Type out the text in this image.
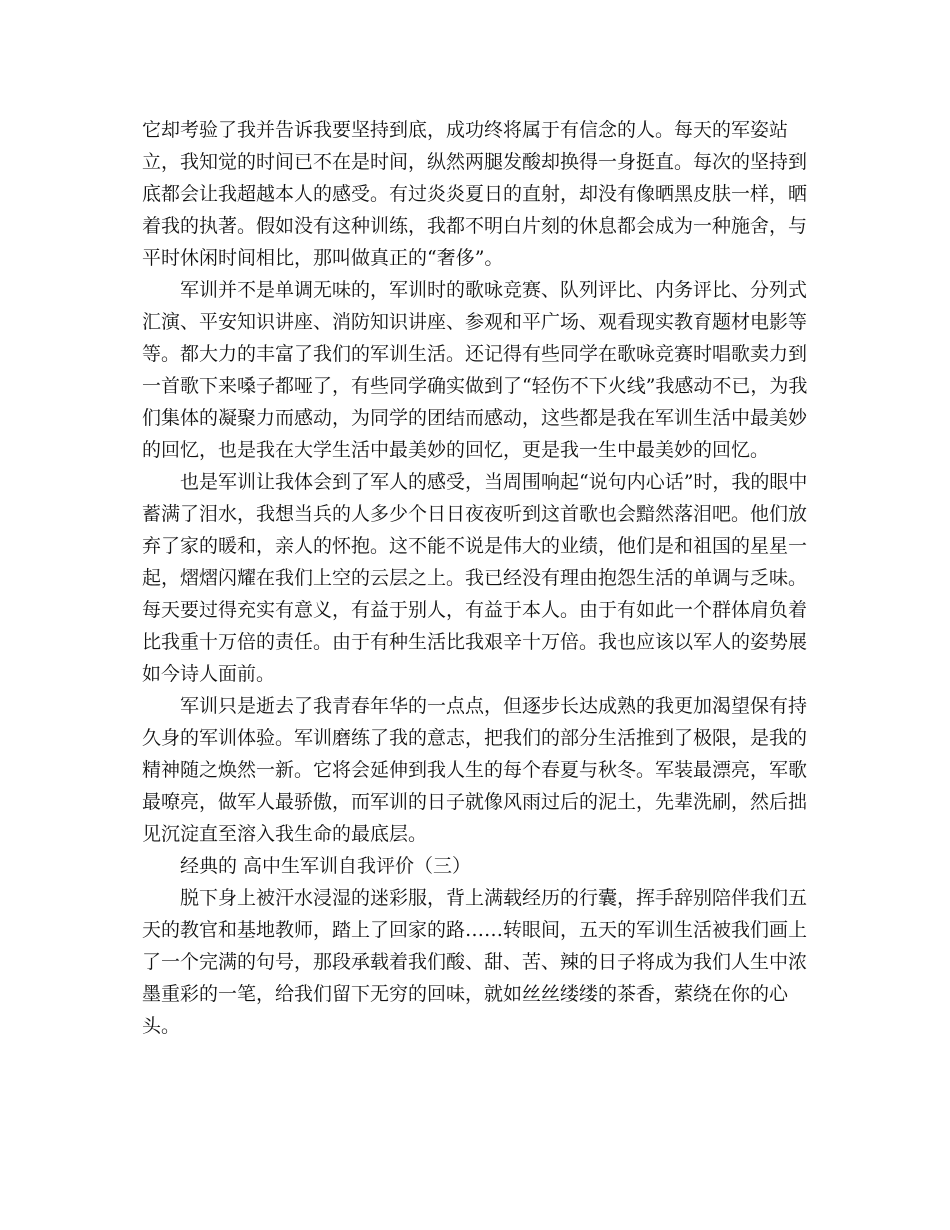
它却考验了我并告诉我要坚持到底，成功终将属于有信念的人。每天的军姿站立，我知觉的时间已不在是时间，纵然两腿发酸却换得一身挺直。每次的坚持到底都会让我超越本人的感受。有过炎炎夏日的直射，却没有像晒黑皮肤一样，晒着我的执著。假如没有这种训练，我都不明白片刻的休息都会成为一种施舍，与平时休闲时间相比，那叫做真正的“奢侈”。

军训并不是单调无味的，军训时的歌咏竞赛、队列评比、内务评比、分列式汇演、平安知识讲座、消防知识讲座、参观和平广场、观看现实教育题材电影等等。都大力的丰富了我们的军训生活。还记得有些同学在歌咏竞赛时唱歌卖力到一首歌下来嗓子都哑了，有些同学确实做到了“轻伤不下火线”我感动不已，为我们集体的凝聚力而感动，为同学的团结而感动，这些都是我在军训生活中最美妙的回忆，也是我在大学生活中最美妙的回忆，更是我一生中最美妙的回忆。

也是军训让我体会到了军人的感受，当周围响起“说句内心话”时，我的眼中蓄满了泪水，我想当兵的人多少个日日夜夜听到这首歌也会黯然落泪吧。他们放弃了家的暖和，亲人的怀抱。这不能不说是伟大的业绩，他们是和祖国的星星一起，熠熠闪耀在我们上空的云层之上。我已经没有理由抱怨生活的单调与乏味。每天要过得充实有意义，有益于别人，有益于本人。由于有如此一个群体肩负着比我重十万倍的责任。由于有种生活比我艰辛十万倍。我也应该以军人的姿势展如今诗人面前。

军训只是逝去了我青春年华的一点点，但逐步长达成熟的我更加渴望保有持久身的军训体验。军训磨练了我的意志，把我们的部分生活推到了极限，是我的精神随之焕然一新。它将会延伸到我人生的每个春夏与秋冬。军装最漂亮，军歌最嘹亮，做军人最骄傲，而军训的日子就像风雨过后的泥土，先辈洗刷，然后拙见沉淀直至溶入我生命的最底层。

经典的 高中生军训自我评价（三）

脱下身上被汗水浸湿的迷彩服，背上满载经历的行囊，挥手辞别陪伴我们五天的教官和基地教师，踏上了回家的路……转眼间，五天的军训生活被我们画上了一个完满的句号，那段承载着我们酸、甜、苦、辣的日子将成为我们人生中浓墨重彩的一笔，给我们留下无穷的回味，就如丝丝缕缕的茶香，萦绕在你的心头。
